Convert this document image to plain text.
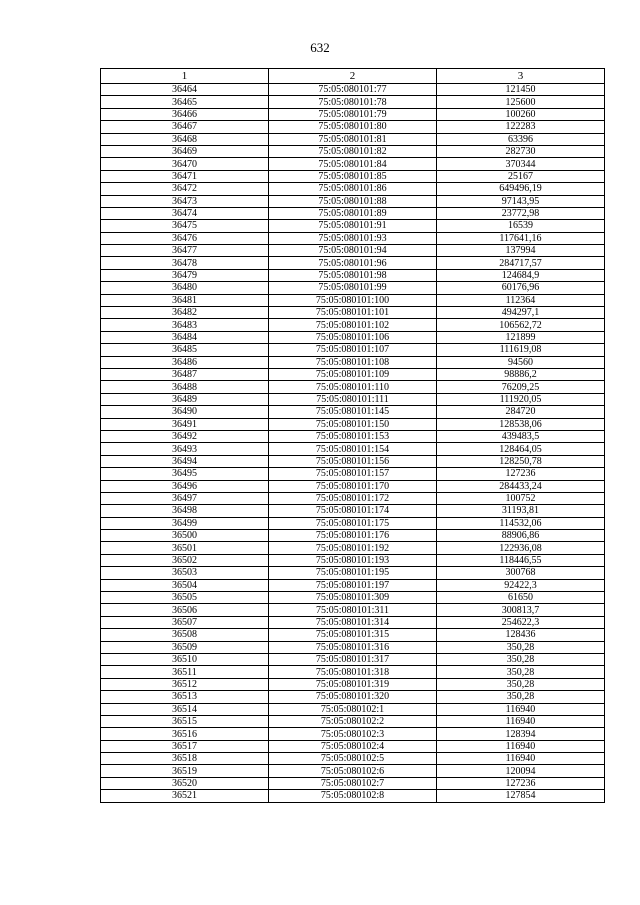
632
1	2	3
36464	75:05:080101:77	121450
36465	75:05:080101:78	125600
36466	75:05:080101:79	100260
36467	75:05:080101:80	122283
36468	75:05:080101:81	63396
36469	75:05:080101:82	282730
36470	75:05:080101:84	370344
36471	75:05:080101:85	25167
36472	75:05:080101:86	649496,19
36473	75:05:080101:88	97143,95
36474	75:05:080101:89	23772,98
36475	75:05:080101:91	16539
36476	75:05:080101:93	117641,16
36477	75:05:080101:94	137994
36478	75:05:080101:96	284717,57
36479	75:05:080101:98	124684,9
36480	75:05:080101:99	60176,96
36481	75:05:080101:100	112364
36482	75:05:080101:101	494297,1
36483	75:05:080101:102	106562,72
36484	75:05:080101:106	121899
36485	75:05:080101:107	111619,08
36486	75:05:080101:108	94560
36487	75:05:080101:109	98886,2
36488	75:05:080101:110	76209,25
36489	75:05:080101:111	111920,05
36490	75:05:080101:145	284720
36491	75:05:080101:150	128538,06
36492	75:05:080101:153	439483,5
36493	75:05:080101:154	128464,05
36494	75:05:080101:156	128250,78
36495	75:05:080101:157	127236
36496	75:05:080101:170	284433,24
36497	75:05:080101:172	100752
36498	75:05:080101:174	31193,81
36499	75:05:080101:175	114532,06
36500	75:05:080101:176	88906,86
36501	75:05:080101:192	122936,08
36502	75:05:080101:193	118446,55
36503	75:05:080101:195	300768
36504	75:05:080101:197	92422,3
36505	75:05:080101:309	61650
36506	75:05:080101:311	300813,7
36507	75:05:080101:314	254622,3
36508	75:05:080101:315	128436
36509	75:05:080101:316	350,28
36510	75:05:080101:317	350,28
36511	75:05:080101:318	350,28
36512	75:05:080101:319	350,28
36513	75:05:080101:320	350,28
36514	75:05:080102:1	116940
36515	75:05:080102:2	116940
36516	75:05:080102:3	128394
36517	75:05:080102:4	116940
36518	75:05:080102:5	116940
36519	75:05:080102:6	120094
36520	75:05:080102:7	127236
36521	75:05:080102:8	127854
